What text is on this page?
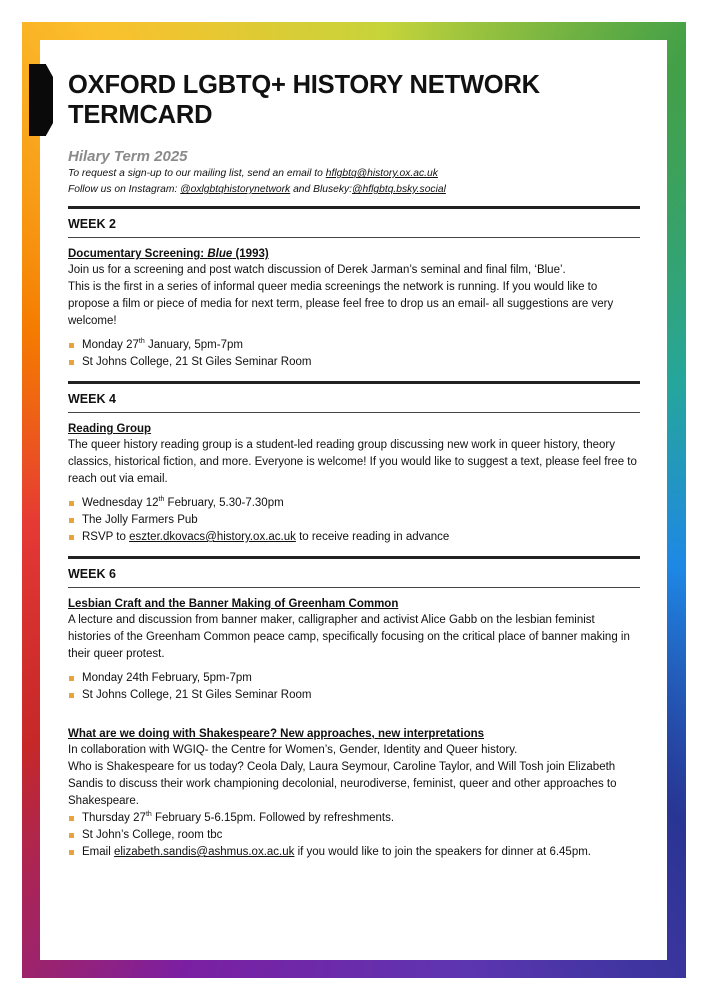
OXFORD LGBTQ+ HISTORY NETWORK TERMCARD
Hilary Term 2025
To request a sign-up to our mailing list, send an email to hflgbtq@history.ox.ac.uk
Follow us on Instagram: @oxlgbtqhistorynetwork and Bluseky:@hflgbtq.bsky.social
WEEK 2
Documentary Screening: Blue (1993)

Join us for a screening and post watch discussion of Derek Jarman’s seminal and final film, ‘Blue’.

This is the first in a series of informal queer media screenings the network is running. If you would like to propose a film or piece of media for next term, please feel free to drop us an email- all suggestions are very welcome!

Monday 27th January, 5pm-7pm
St Johns College, 21 St Giles Seminar Room
WEEK 4
Reading Group

The queer history reading group is a student-led reading group discussing new work in queer history, theory classics, historical fiction, and more. Everyone is welcome! If you would like to suggest a text, please feel free to reach out via email.

Wednesday 12th February, 5.30-7.30pm
The Jolly Farmers Pub
RSVP to eszter.dkovacs@history.ox.ac.uk to receive reading in advance
WEEK 6
Lesbian Craft and the Banner Making of Greenham Common

A lecture and discussion from banner maker, calligrapher and activist Alice Gabb on the lesbian feminist histories of the Greenham Common peace camp, specifically focusing on the critical place of banner making in their queer protest.

Monday 24th February, 5pm-7pm
St Johns College, 21 St Giles Seminar Room
What are we doing with Shakespeare? New approaches, new interpretations

In collaboration with WGIQ- the Centre for Women’s, Gender, Identity and Queer history.

Who is Shakespeare for us today? Ceola Daly, Laura Seymour, Caroline Taylor, and Will Tosh join Elizabeth Sandis to discuss their work championing decolonial, neurodiverse, feminist, queer and other approaches to Shakespeare.

Thursday 27th February 5-6.15pm. Followed by refreshments.
St John’s College, room tbc
Email elizabeth.sandis@ashmus.ox.ac.uk if you would like to join the speakers for dinner at 6.45pm.
